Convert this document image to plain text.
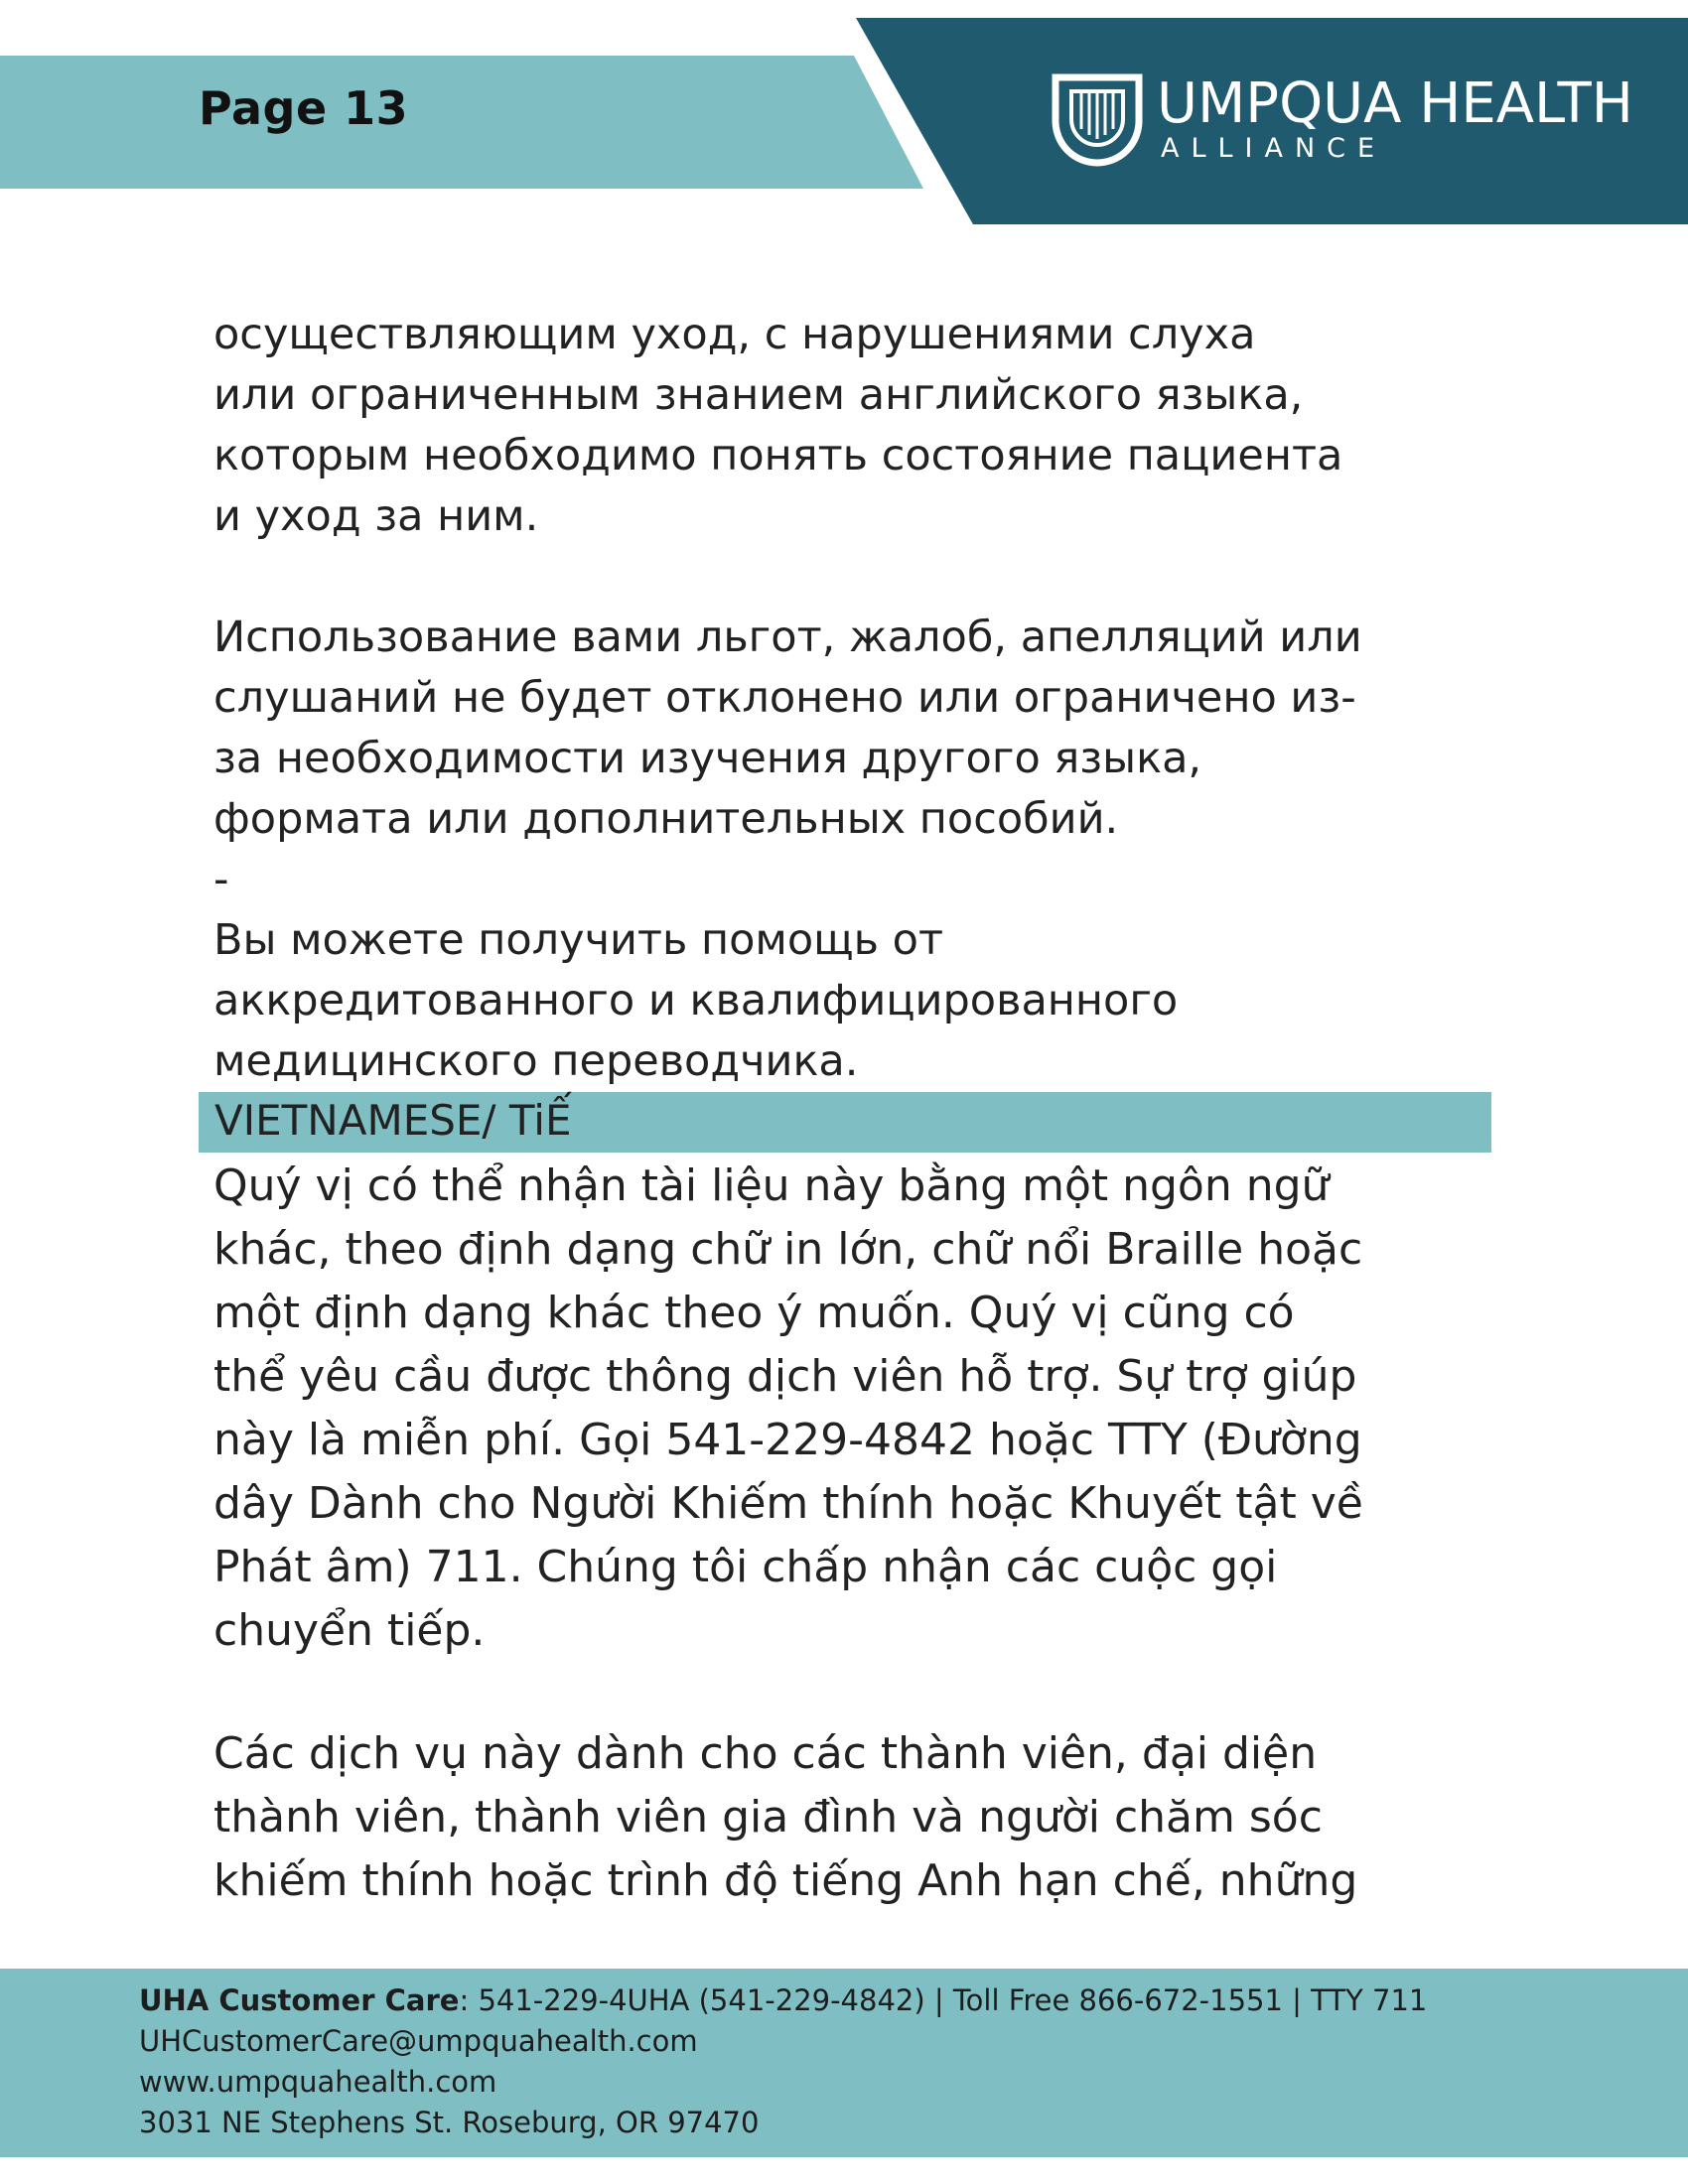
Page 13	UMPQUA HEALTH
ALLIANCE

осуществляющим уход, с нарушениями слуха
или ограниченным знанием английского языка,
которым необходимо понять состояние пациента
и уход за ним.

Использование вами льгот, жалоб, апелляций или
слушаний не будет отклонено или ограничено из-
за необходимости изучения другого языка,
формата или дополнительных пособий.

-

Вы можете получить помощь от
аккредитованного и квалифицированного
медицинского переводчика.

VIETNAMESE/ TiẾ

Quý vị có thể nhận tài liệu này bằng một ngôn ngữ
khác, theo định dạng chữ in lớn, chữ nổi Braille hoặc
một định dạng khác theo ý muốn. Quý vị cũng có
thể yêu cầu được thông dịch viên hỗ trợ. Sự trợ giúp
này là miễn phí. Gọi 541-229-4842 hoặc TTY (Đường
dây Dành cho Người Khiếm thính hoặc Khuyết tật về
Phát âm) 711. Chúng tôi chấp nhận các cuộc gọi
chuyển tiếp.

Các dịch vụ này dành cho các thành viên, đại diện
thành viên, thành viên gia đình và người chăm sóc
khiếm thính hoặc trình độ tiếng Anh hạn chế, những

UHA Customer Care: 541-229-4UHA (541-229-4842) | Toll Free 866-672-1551 | TTY 711
UHCustomerCare@umpquahealth.com
www.umpquahealth.com
3031 NE Stephens St. Roseburg, OR 97470
